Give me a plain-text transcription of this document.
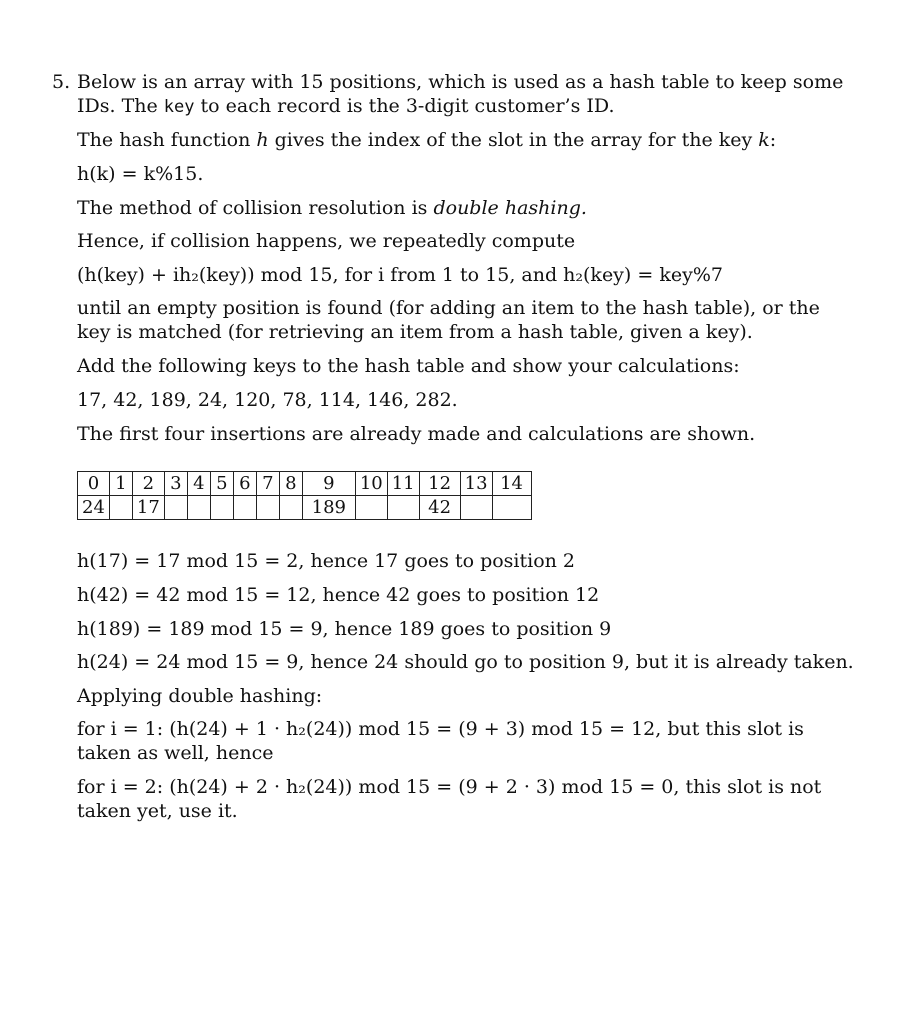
5. Below is an array with 15 positions, which is used as a hash table to keep some
IDs. The key to each record is the 3-digit customer’s ID.
The hash function h gives the index of the slot in the array for the key k:
h(k) = k%15.
The method of collision resolution is double hashing.
Hence, if collision happens, we repeatedly compute
(h(key) + ih₂(key)) mod 15, for i from 1 to 15, and h₂(key) = key%7
until an empty position is found (for adding an item to the hash table), or the
key is matched (for retrieving an item from a hash table, given a key).
Add the following keys to the hash table and show your calculations:
17, 42, 189, 24, 120, 78, 114, 146, 282.
The first four insertions are already made and calculations are shown.
0	1	2	3	4	5	6	7	8	9	10	11	12	13	14
24		17							189			42		
h(17) = 17 mod 15 = 2, hence 17 goes to position 2
h(42) = 42 mod 15 = 12, hence 42 goes to position 12
h(189) = 189 mod 15 = 9, hence 189 goes to position 9
h(24) = 24 mod 15 = 9, hence 24 should go to position 9, but it is already taken.
Applying double hashing:
for i = 1: (h(24) + 1 · h₂(24)) mod 15 = (9 + 3) mod 15 = 12, but this slot is
taken as well, hence
for i = 2: (h(24) + 2 · h₂(24)) mod 15 = (9 + 2 · 3) mod 15 = 0, this slot is not
taken yet, use it.
